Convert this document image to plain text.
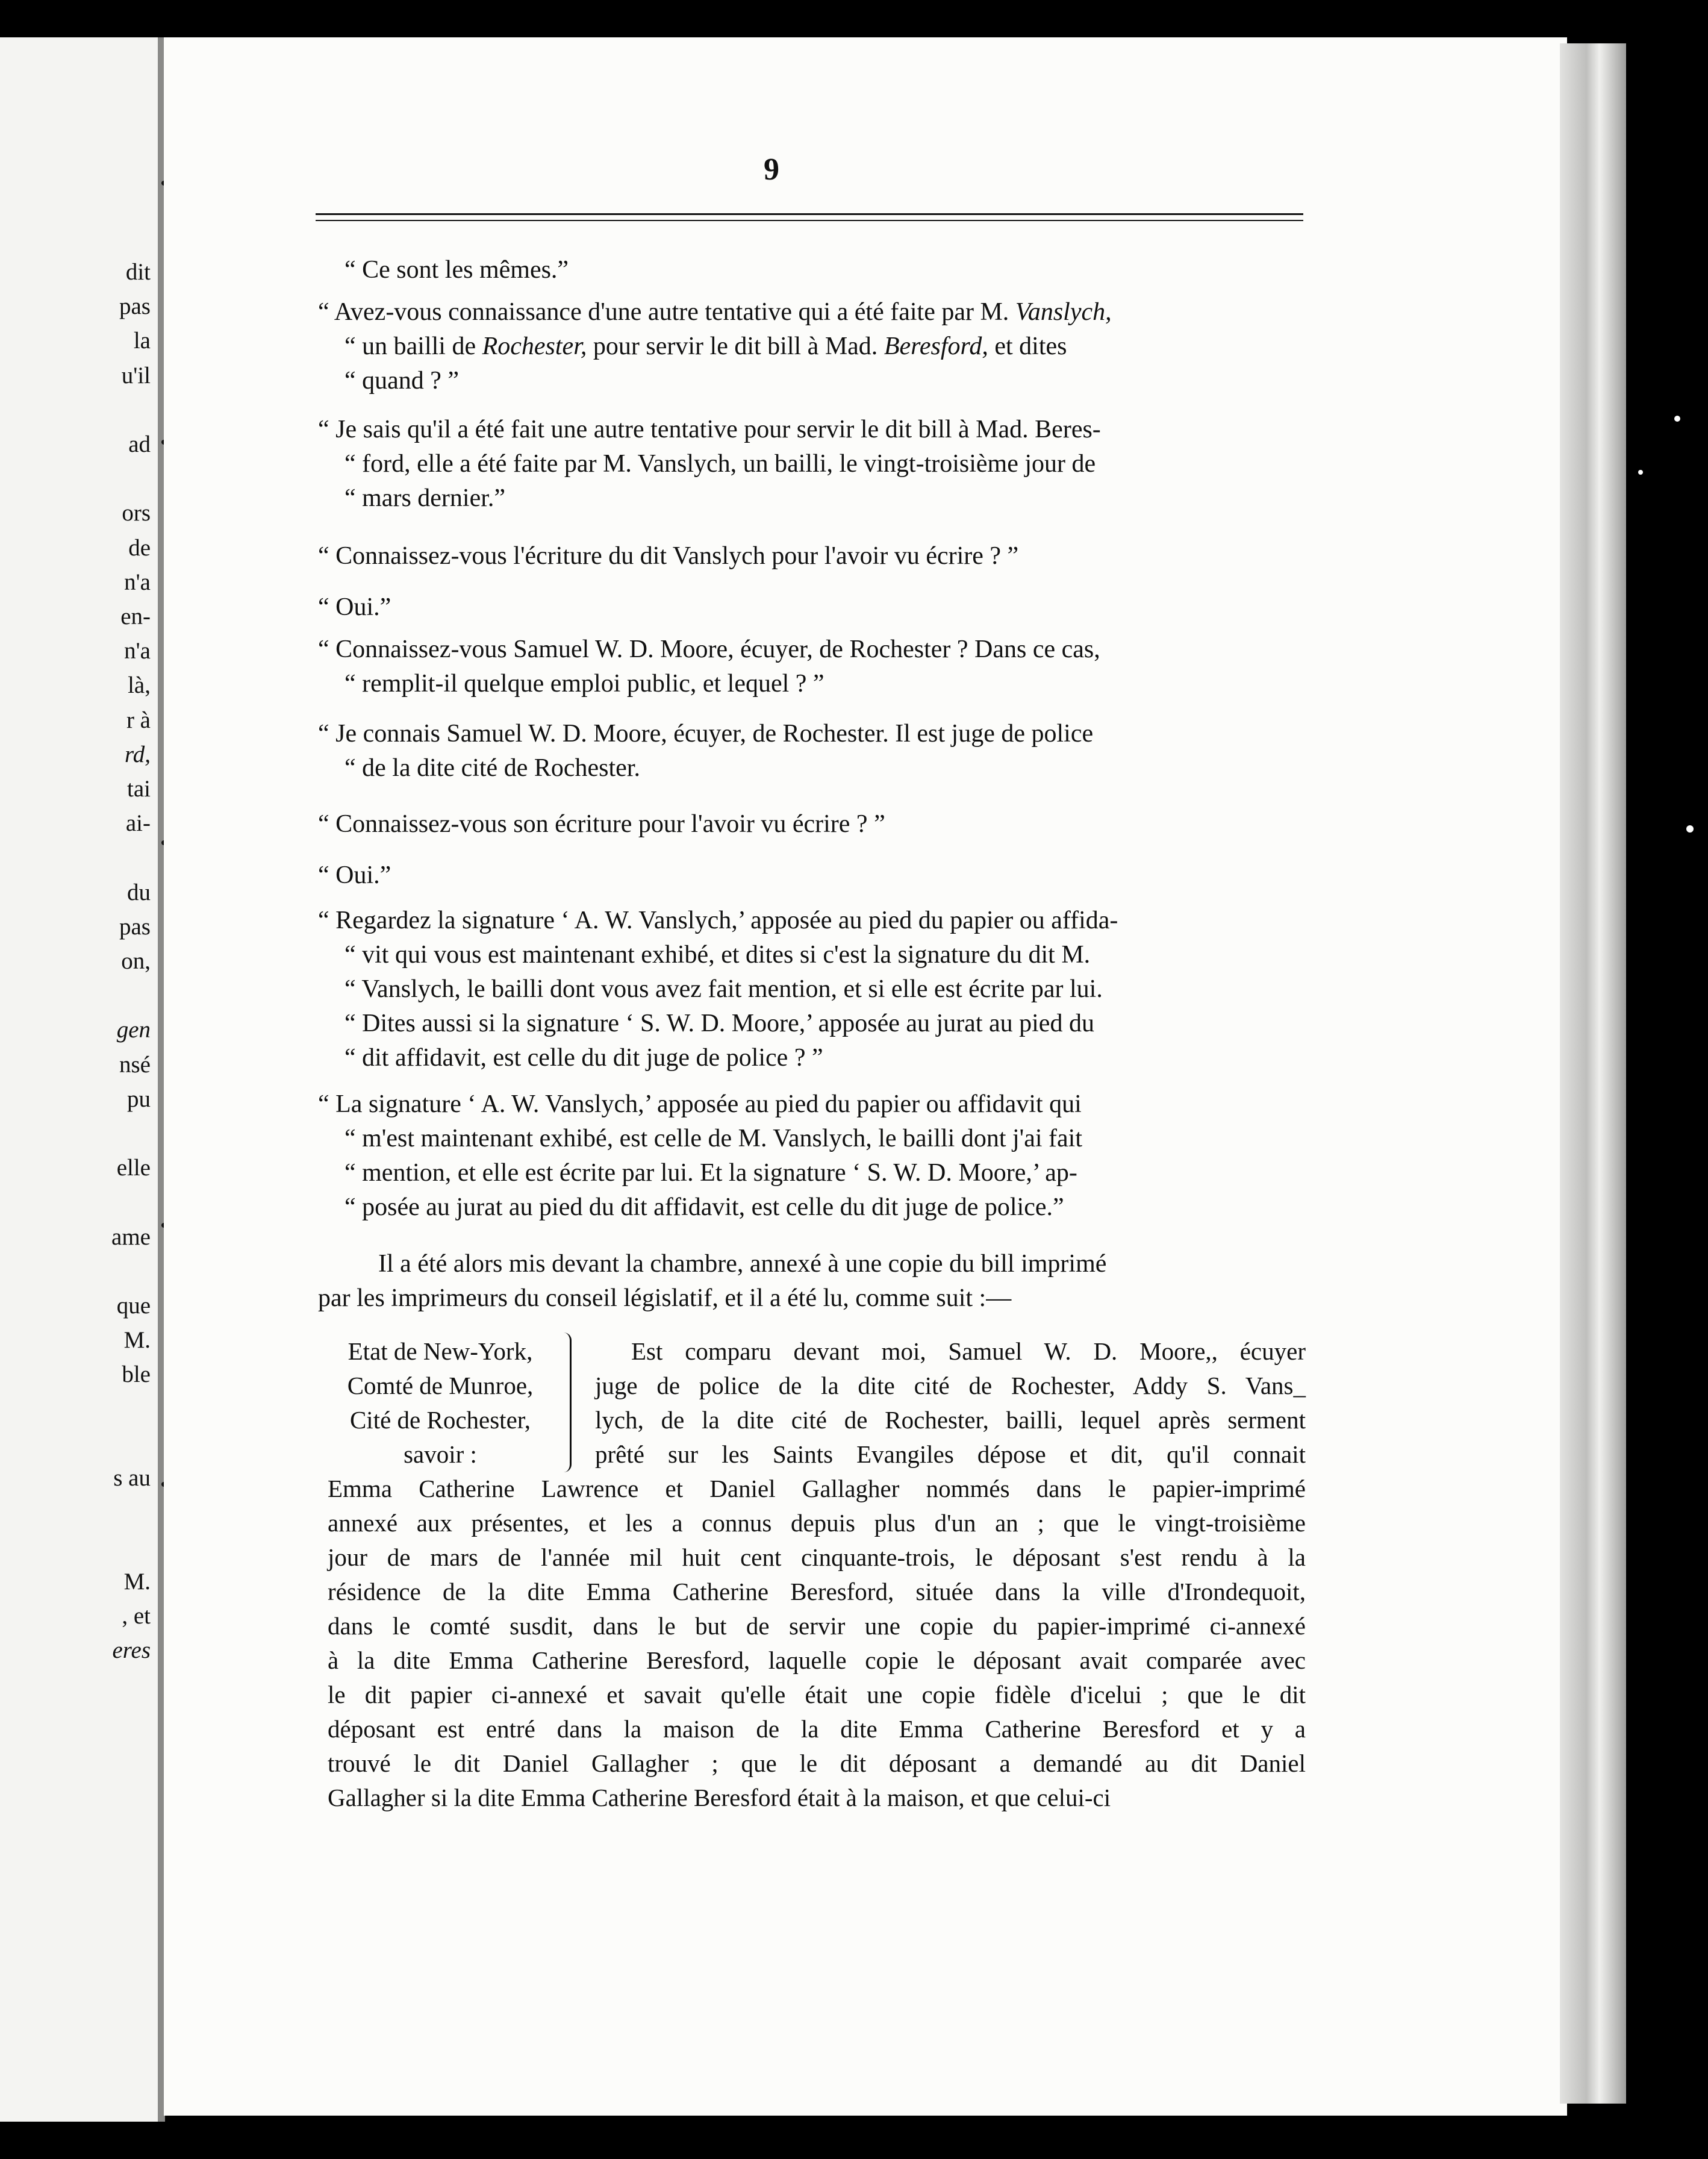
dit
pas
la
u'il
ad
ors
de
n'a
en-
n'a
là,
r à
rd,
tai
ai-
du
pas
on,
gen
nsé
pu
elle
ame
que
M.
ble
s au
M.
, et
eres
9
“ Ce sont les mêmes.”
“ Avez-vous connaissance d'une autre tentative qui a été faite par M. Vanslych,
“ un bailli de Rochester, pour servir le dit bill à Mad. Beresford, et dites
“ quand ? ”
“ Je sais qu'il a été fait une autre tentative pour servir le dit bill à Mad. Beres-
“ ford, elle a été faite par M. Vanslych, un bailli, le vingt-troisième jour de
“ mars dernier.”
“ Connaissez-vous l'écriture du dit Vanslych pour l'avoir vu écrire ? ”
“ Oui.”
“ Connaissez-vous Samuel W. D. Moore, écuyer, de Rochester ? Dans ce cas,
“ remplit-il quelque emploi public, et lequel ? ”
“ Je connais Samuel W. D. Moore, écuyer, de Rochester. Il est juge de police
“ de la dite cité de Rochester.
“ Connaissez-vous son écriture pour l'avoir vu écrire ? ”
“ Oui.”
“ Regardez la signature ‘ A. W. Vanslych,’ apposée au pied du papier ou affida-
“ vit qui vous est maintenant exhibé, et dites si c'est la signature du dit M.
“ Vanslych, le bailli dont vous avez fait mention, et si elle est écrite par lui.
“ Dites aussi si la signature ‘ S. W. D. Moore,’ apposée au jurat au pied du
“ dit affidavit, est celle du dit juge de police ? ”
“ La signature ‘ A. W. Vanslych,’ apposée au pied du papier ou affidavit qui
“ m'est maintenant exhibé, est celle de M. Vanslych, le bailli dont j'ai fait
“ mention, et elle est écrite par lui. Et la signature ‘ S. W. D. Moore,’ ap-
“ posée au jurat au pied du dit affidavit, est celle du dit juge de police.”
Il a été alors mis devant la chambre, annexé à une copie du bill imprimé
par les imprimeurs du conseil législatif, et il a été lu, comme suit :—
Etat de New-York,
Comté de Munroe,
Cité de Rochester,
savoir :
Est comparu devant moi, Samuel W. D. Moore,, écuyer
juge de police de la dite cité de Rochester, Addy S. Vans_
lych, de la dite cité de Rochester, bailli, lequel après serment
prêté sur les Saints Evangiles dépose et dit, qu'il connait
Emma Catherine Lawrence et Daniel Gallagher nommés dans le papier-imprimé
annexé aux présentes, et les a connus depuis plus d'un an ; que le vingt-troisième
jour de mars de l'année mil huit cent cinquante-trois, le déposant s'est rendu à la
résidence de la dite Emma Catherine Beresford, située dans la ville d'Irondequoit,
dans le comté susdit, dans le but de servir une copie du papier-imprimé ci-annexé
à la dite Emma Catherine Beresford, laquelle copie le déposant avait comparée avec
le dit papier ci-annexé et savait qu'elle était une copie fidèle d'icelui ; que le dit
déposant est entré dans la maison de la dite Emma Catherine Beresford et y a
trouvé le dit Daniel Gallagher ; que le dit déposant a demandé au dit Daniel
Gallagher si la dite Emma Catherine Beresford était à la maison, et que celui-ci
